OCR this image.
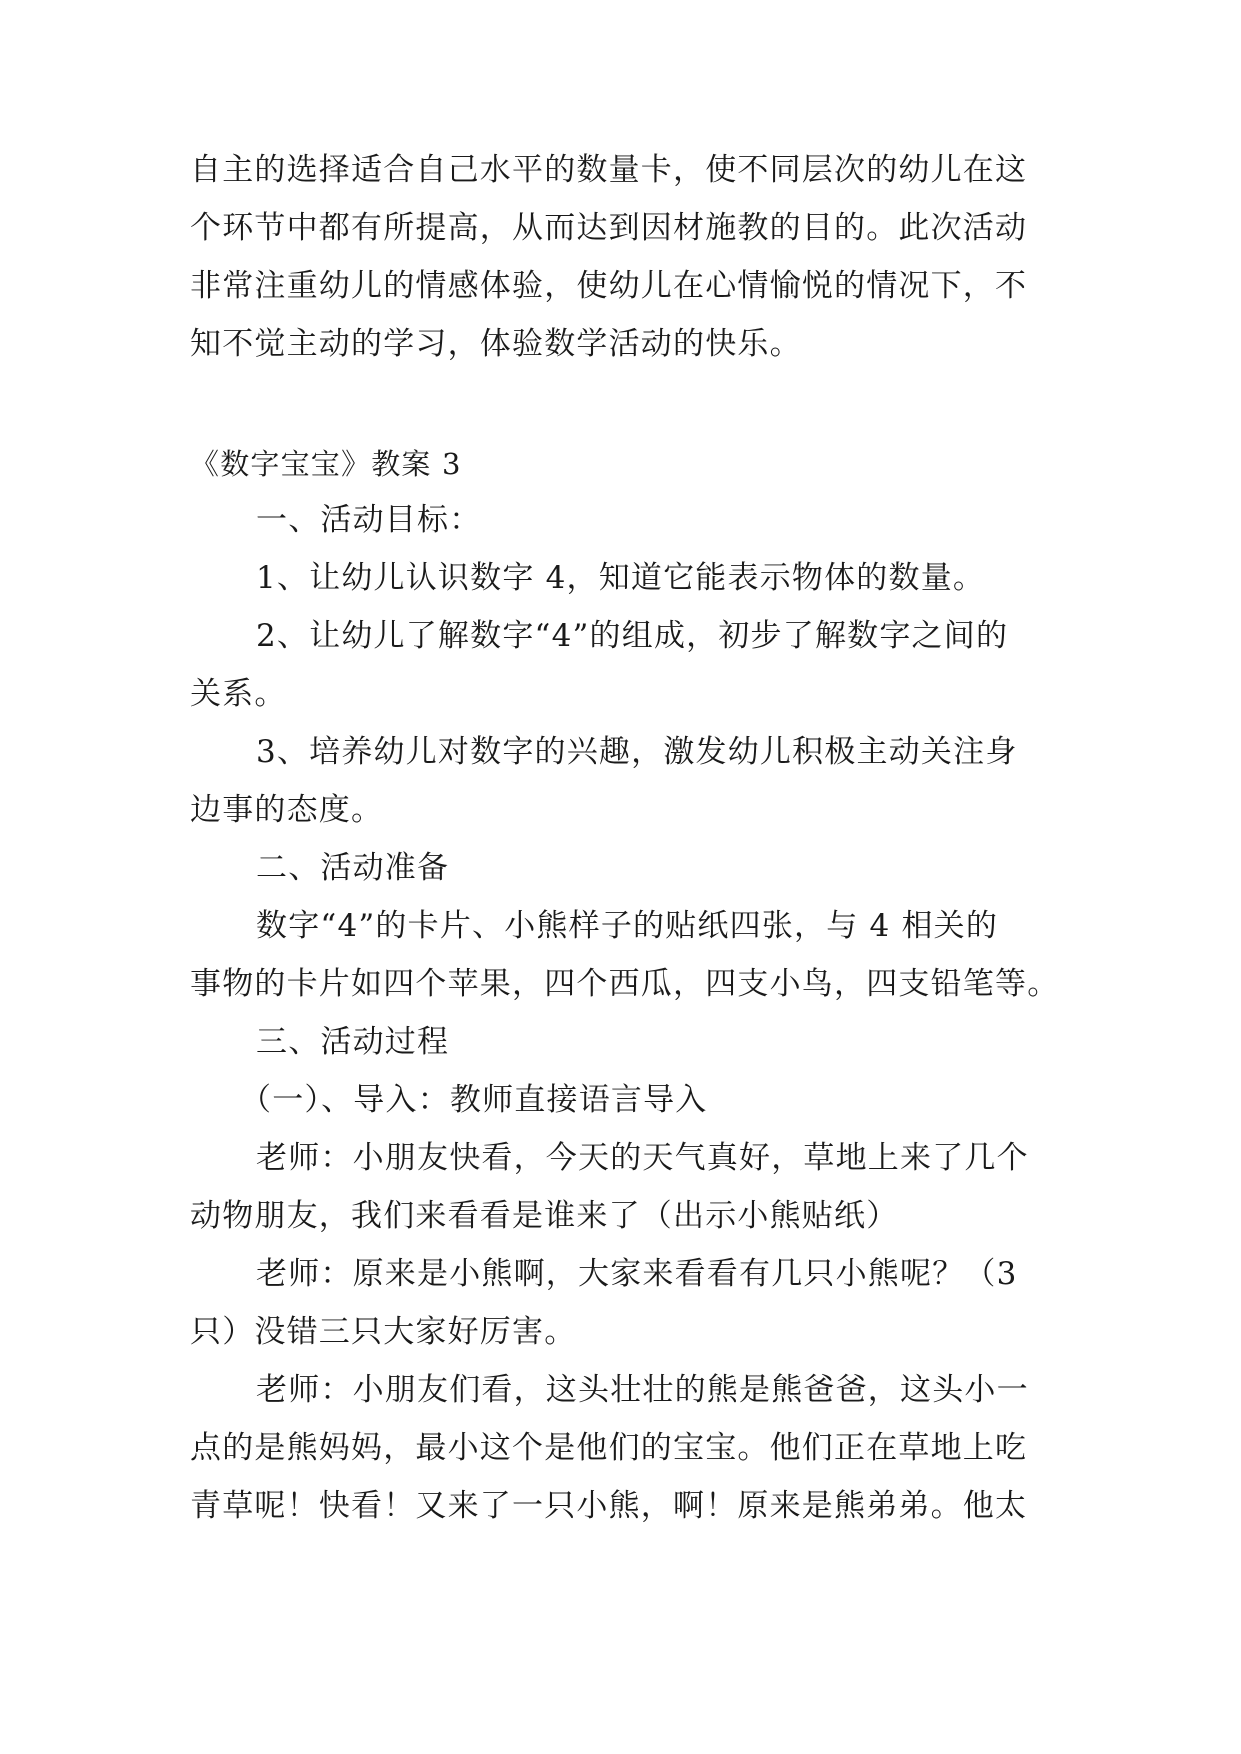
自主的选择适合自己水平的数量卡，使不同层次的幼儿在这
个环节中都有所提高，从而达到因材施教的目的。此次活动
非常注重幼儿的情感体验，使幼儿在心情愉悦的情况下，不
知不觉主动的学习，体验数学活动的快乐。
《数字宝宝》教案 3
一、活动目标：
1、让幼儿认识数字 4，知道它能表示物体的数量。
2、让幼儿了解数字“4”的组成，初步了解数字之间的
关系。
3、培养幼儿对数字的兴趣，激发幼儿积极主动关注身
边事的态度。
二、活动准备
数字“4”的卡片、小熊样子的贴纸四张，与 4 相关的
事物的卡片如四个苹果，四个西瓜，四支小鸟，四支铅笔等。
三、活动过程
（一）、导入：教师直接语言导入
老师：小朋友快看，今天的天气真好，草地上来了几个
动物朋友，我们来看看是谁来了（出示小熊贴纸）
老师：原来是小熊啊，大家来看看有几只小熊呢？（3
只）没错三只大家好厉害。
老师：小朋友们看，这头壮壮的熊是熊爸爸，这头小一
点的是熊妈妈，最小这个是他们的宝宝。他们正在草地上吃
青草呢！快看！又来了一只小熊，啊！原来是熊弟弟。他太
